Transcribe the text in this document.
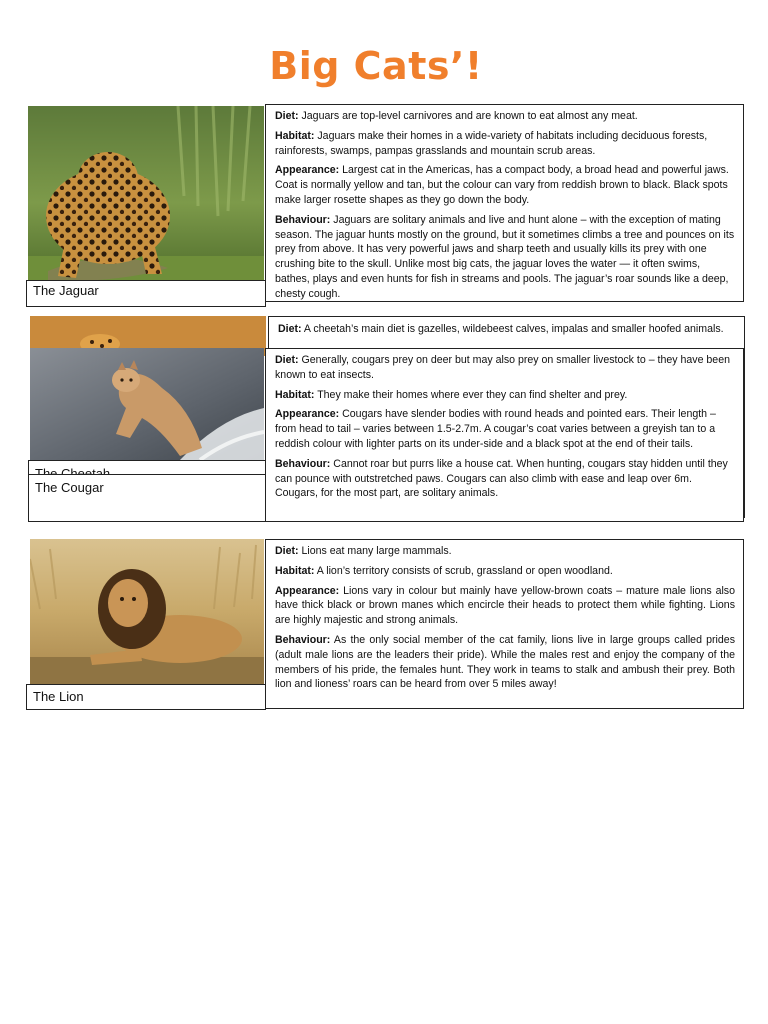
Big Cats’!
The Jaguar

Diet: Jaguars are top-level carnivores and are known to eat almost any meat.

Habitat: Jaguars make their homes in a wide-variety of habitats including deciduous forests, rainforests, swamps, pampas grasslands and mountain scrub areas.

Appearance: Largest cat in the Americas, has a compact body, a broad head and powerful jaws. Coat is normally yellow and tan, but the colour can vary from reddish brown to black. Black spots make larger rosette shapes as they go down the body.

Behaviour: Jaguars are solitary animals and live and hunt alone – with the exception of mating season. The jaguar hunts mostly on the ground, but it sometimes climbs a tree and pounces on its prey from above. It has very powerful jaws and sharp teeth and usually kills its prey with one crushing bite to the skull. Unlike most big cats, the jaguar loves the water — it often swims, bathes, plays and even hunts for fish in streams and pools. The jaguar’s roar sounds like a deep, chesty cough.

Diet: A cheetah’s main diet is gazelles, wildebeest calves, impalas and smaller hoofed animals.

Diet: Generally, cougars prey on deer but may also prey on smaller livestock to – they have been known to eat insects.

Habitat: They make their homes where ever they can find shelter and prey.

Appearance: Cougars have slender bodies with round heads and pointed ears. Their length – from head to tail – varies between 1.5-2.7m. A cougar’s coat varies between a greyish tan to a reddish colour with lighter parts on its under-side and a black spot at the end of their tails.

Behaviour: Cannot roar but purrs like a house cat. When hunting, cougars stay hidden until they can pounce with outstretched paws. Cougars can also climb with ease and leap over 6m. Cougars, for the most part, are solitary animals.

The Cougar
The Lion

Diet: Lions eat many large mammals.

Habitat: A lion’s territory consists of scrub, grassland or open woodland.

Appearance: Lions vary in colour but mainly have yellow-brown coats – mature male lions also have thick black or brown manes which encircle their heads to protect them while fighting. Lions are highly majestic and strong animals.

Behaviour: As the only social member of the cat family, lions live in large groups called prides (adult male lions are the leaders their pride). While the males rest and enjoy the company of the members of his pride, the females hunt. They work in teams to stalk and ambush their prey. Both lion and lioness’ roars can be heard from over 5 miles away!
